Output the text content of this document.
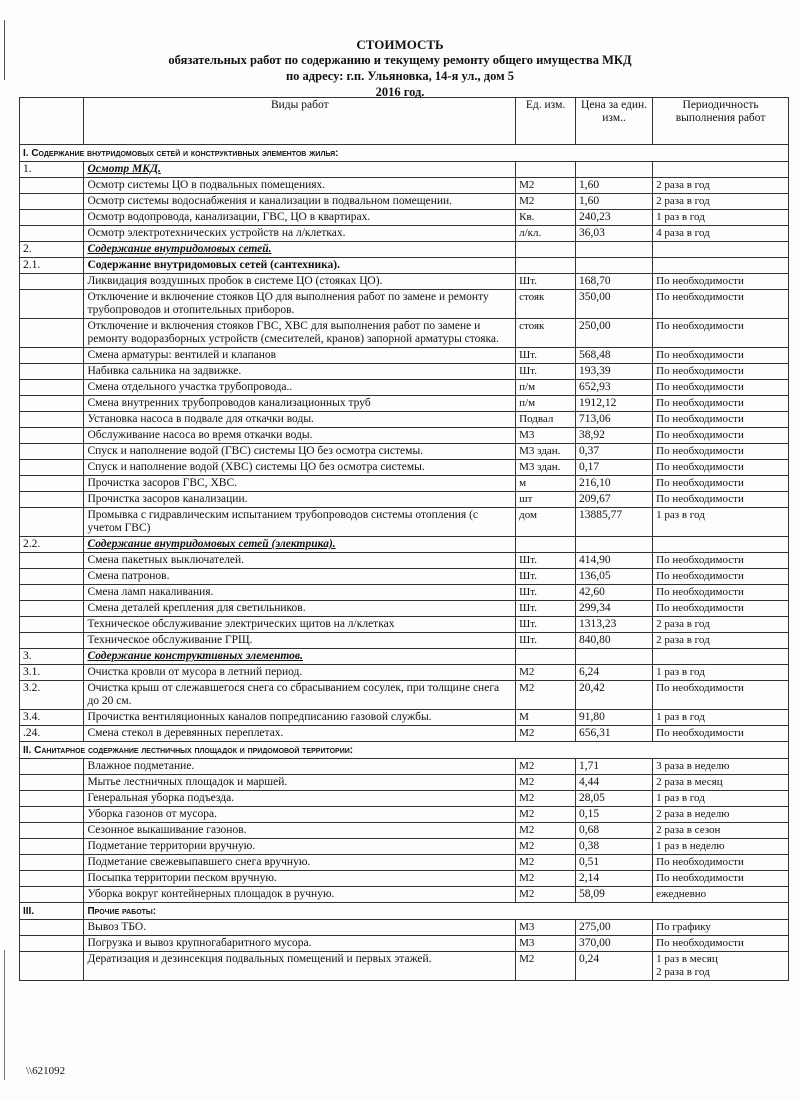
СТОИМОСТЬ
обязательных работ по содержанию и текущему ремонту общего имущества МКД
по адресу: г.п. Ульяновка, 14-я ул., дом 5
2016 год.
	Виды работ	Ед. изм.	Цена за един. изм..	Периодичность выполнения работ
I. Содержание внутридомовых сетей и конструктивных элементов жилья:				
1.	Осмотр МКД.			
	Осмотр системы ЦО в подвальных помещениях.	М2	1,60	2 раза в год
	Осмотр системы водоснабжения и канализации в подвальном помещении.	М2	1,60	2 раза в год
	Осмотр водопровода, канализации, ГВС, ЦО в квартирах.	Кв.	240,23	1 раз в год
	Осмотр электротехнических устройств на л/клетках.	л/кл.	36,03	4 раза в год
2.	Содержание внутридомовых сетей.			
2.1.	Содержание внутридомовых сетей (сантехника).			
	Ликвидация воздушных пробок в системе ЦО (стояках ЦО).	Шт.	168,70	По необходимости
	Отключение и включение стояков ЦО для выполнения работ по замене и ремонту трубопроводов и отопительных приборов.	стояк	350,00	По необходимости
	Отключение и включения стояков ГВС, ХВС для выполнения работ по замене и ремонту водоразборных устройств (смесителей, кранов) запорной арматуры стояка.	стояк	250,00	По необходимости
	Смена арматуры: вентилей и клапанов	Шт.	568,48	По необходимости
	Набивка сальника на задвижке.	Шт.	193,39	По необходимости
	Смена отдельного участка трубопровода..	п/м	652,93	По необходимости
	Смена внутренних трубопроводов канализационных труб	п/м	1912,12	По необходимости
	Установка насоса в подвале для откачки воды.	Подвал	713,06	По необходимости
	Обслуживание насоса во время откачки воды.	М3	38,92	По необходимости
	Спуск и наполнение водой (ГВС) системы ЦО без осмотра системы.	М3 здан.	0,37	По необходимости
	Спуск и наполнение водой (ХВС) системы ЦО без осмотра системы.	М3 здан.	0,17	По необходимости
	Прочистка засоров ГВС, ХВС.	м	216,10	По необходимости
	Прочистка засоров канализации.	шт	209,67	По необходимости
	Промывка с гидравлическим испытанием трубопроводов системы отопления (с учетом ГВС)	дом	13885,77	1 раз в год
2.2.	Содержание внутридомовых сетей (электрика).			
	Смена пакетных выключателей.	Шт.	414,90	По необходимости
	Смена патронов.	Шт.	136,05	По необходимости
	Смена ламп накаливания.	Шт.	42,60	По необходимости
	Смена деталей крепления для светильников.	Шт.	299,34	По необходимости
	Техническое обслуживание электрических щитов на л/клетках	Шт.	1313,23	2 раза в год
	Техническое обслуживание ГРЩ.	Шт.	840,80	2 раза в год
3.	Содержание конструктивных элементов.			
3.1.	Очистка кровли от мусора в летний период.	М2	6,24	1 раз в год
3.2.	Очистка крыш от слежавшегося снега со сбрасыванием сосулек, при толщине снега до 20 см.	М2	20,42	По необходимости
3.4.	Прочистка вентиляционных каналов попредписанию газовой службы.	М	91,80	1 раз в год
.24.	Смена стекол в деревянных переплетах.	М2	656,31	По необходимости
II. Санитарное содержание лестничных площадок и придомовой территории:				
	Влажное подметание.	М2	1,71	3 раза в неделю
	Мытье лестничных площадок и маршей.	М2	4,44	2 раза в месяц
	Генеральная уборка подъезда.	М2	28,05	1 раз в год
	Уборка газонов от мусора.	М2	0,15	2 раза в неделю
	Сезонное выкашивание газонов.	М2	0,68	2 раза в сезон
	Подметание территории вручную.	М2	0,38	1 раз в неделю
	Подметание свежевыпавшего снега вручную.	М2	0,51	По необходимости
	Посыпка территории песком вручную.	М2	2,14	По необходимости
	Уборка вокруг контейнерных площадок в ручную.	М2	58,09	ежедневно
III.	Прочие работы:			
	Вывоз ТБО.	М3	275,00	По графику
	Погрузка и вывоз крупногабаритного мусора.	М3	370,00	По необходимости
	Дератизация и дезинсекция подвальных помещений и первых этажей.	М2	0,24	1 раз в месяц
2 раза в год
\\621092
